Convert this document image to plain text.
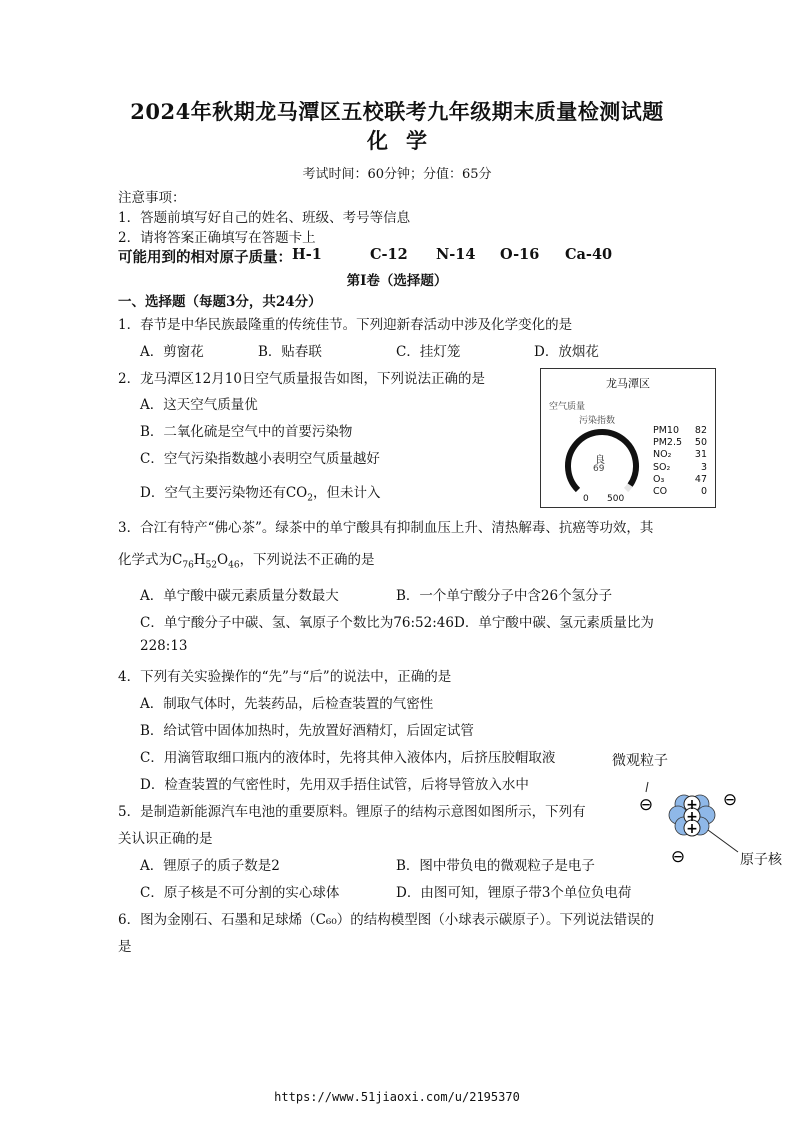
2024年秋期龙马潭区五校联考九年级期末质量检测试题
化学
考试时间：60分钟；分值：65分
注意事项：
1．答题前填写好自己的姓名、班级、考号等信息
2．请将答案正确填写在答题卡上
可能用到的相对原子质量： H-1	C-12 N-14 O-16 Ca-40
第Ⅰ卷（选择题）
一、选择题（每题3分，共24分）
1．春节是中华民族最隆重的传统佳节。下列迎新春活动中涉及化学变化的是
A．剪窗花	B．贴春联	C．挂灯笼	D．放烟花
2．龙马潭区12月10日空气质量报告如图，下列说法正确的是
A．这天空气质量优
B．二氧化硫是空气中的首要污染物
C．空气污染指数越小表明空气质量越好
D．空气主要污染物还有$CO_2$，但未计入
龙马潭区
空气质量
污染指数
良
69
0 500
PM10 82
PM2.5 50
NO₂ 31
SO₂	3
O₃	47
CO	0
3．合江有特产“佛心茶”。绿茶中的单宁酸具有抑制血压上升、清热解毒、抗癌等功效，其
化学式为$C_{76}H_{52}O_{46}$，下列说法不正确的是
A．单宁酸中碳元素质量分数最大	B．一个单宁酸分子中含26个氢分子
C．单宁酸分子中碳、氢、氧原子个数比为76:52:46 D．单宁酸中碳、氢元素质量比为
228:13
4．下列有关实验操作的“先”与“后”的说法中，正确的是
A．制取气体时，先装药品，后检查装置的气密性
B．给试管中固体加热时，先放置好酒精灯，后固定试管
C．用滴管取细口瓶内的液体时，先将其伸入液体内，后挤压胶帽取液
D．检查装置的气密性时，先用双手捂住试管，后将导管放入水中
5．是制造新能源汽车电池的重要原料。锂原子的结构示意图如图所示，下列有
关认识正确的是
A．锂原子的质子数是2	B．图中带负电的微观粒子是电子
C．原子核是不可分割的实心球体	D．由图可知，锂原子带3个单位负电荷
微观粒子
原子核
+
+
+
⊖
⊖
⊖
6．图为金刚石、石墨和足球烯（C₆₀）的结构模型图（小球表示碳原子）。下列说法错误的
是
https://www.51jiaoxi.com/u/2195370
